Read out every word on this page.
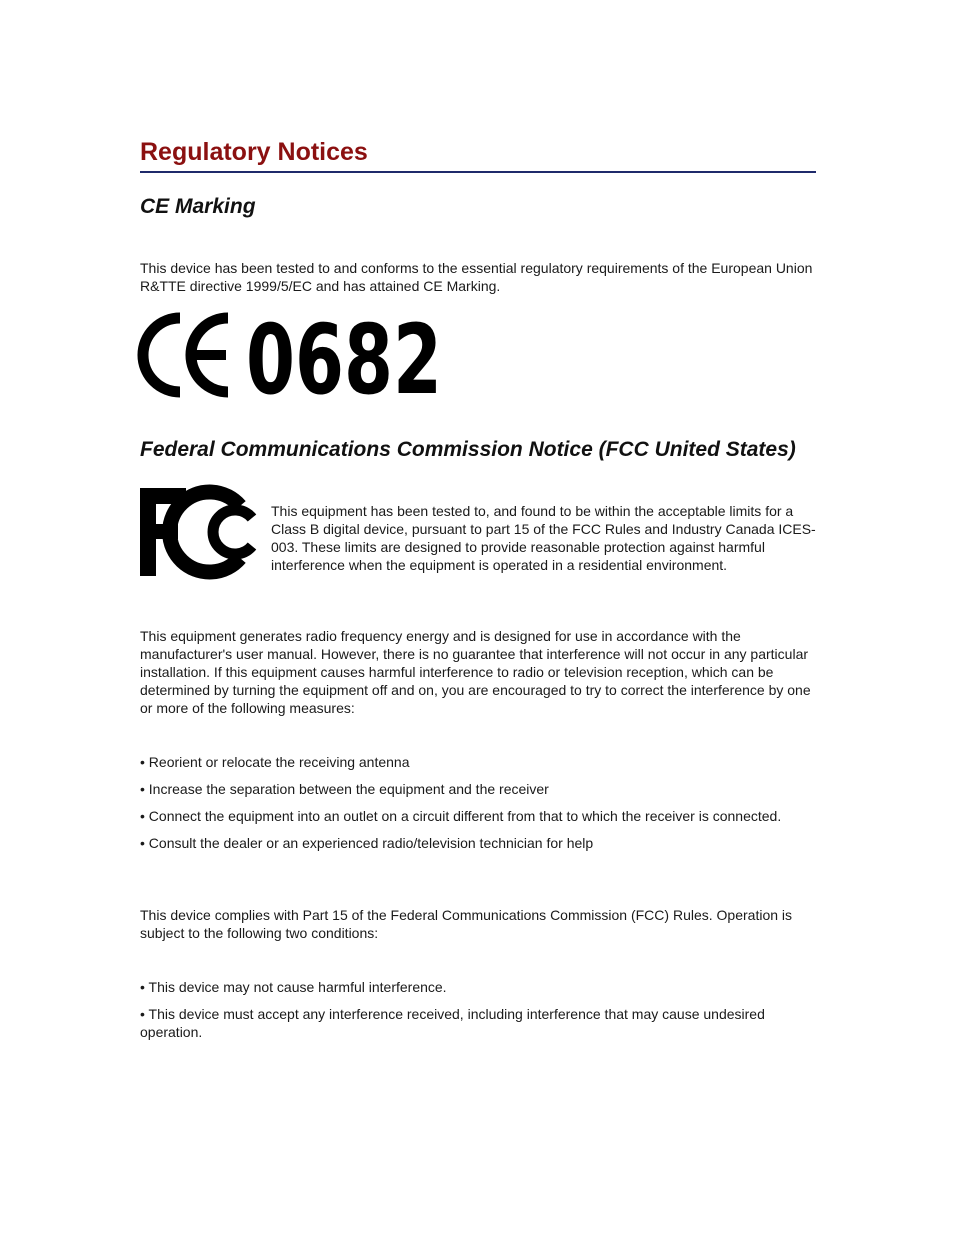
Regulatory Notices
CE Marking

This device has been tested to and conforms to the essential regulatory requirements of the European Union R&TTE directive 1999/5/EC and has attained CE Marking.

0682
Federal Communications Commission Notice (FCC United States)

This equipment has been tested to, and found to be within the acceptable limits for a Class B digital device, pursuant to part 15 of the FCC Rules and Industry Canada ICES-003. These limits are designed to provide reasonable protection against harmful interference when the equipment is operated in a residential environment.

This equipment generates radio frequency energy and is designed for use in accordance with the manufacturer's user manual. However, there is no guarantee that interference will not occur in any particular installation. If this equipment causes harmful interference to radio or television reception, which can be determined by turning the equipment off and on, you are encouraged to try to correct the interference by one or more of the following measures:

• Reorient or relocate the receiving antenna
• Increase the separation between the equipment and the receiver
• Connect the equipment into an outlet on a circuit different from that to which the receiver is connected.
• Consult the dealer or an experienced radio/television technician for help

This device complies with Part 15 of the Federal Communications Commission (FCC) Rules. Operation is subject to the following two conditions:

• This device may not cause harmful interference.
• This device must accept any interference received, including interference that may cause undesired operation.
